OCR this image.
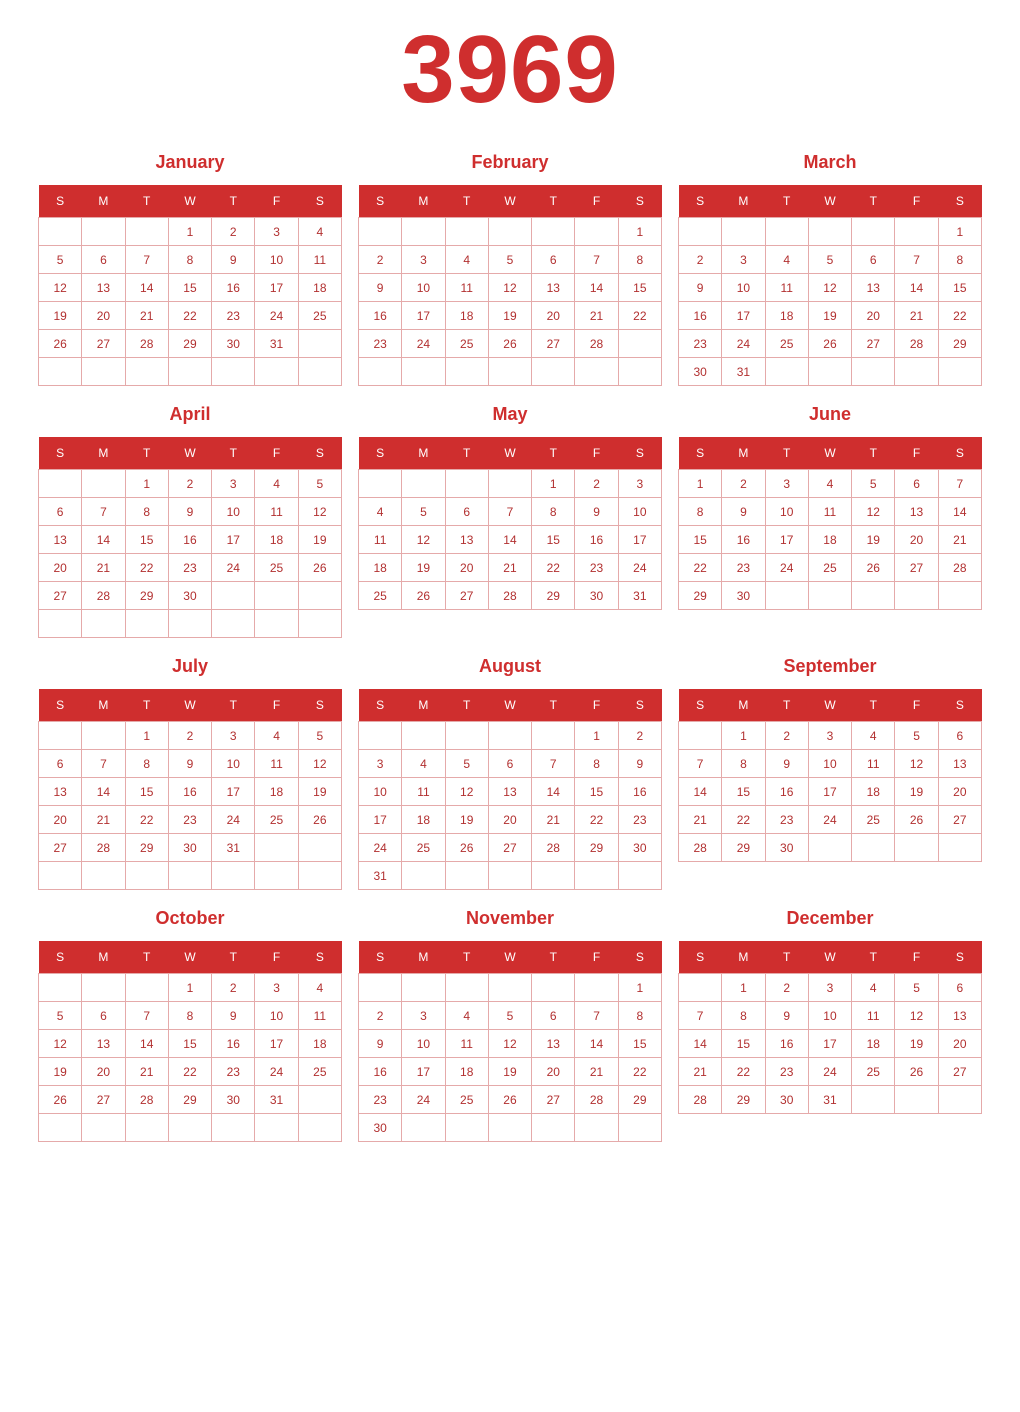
3969
January
S	M	T	W	T	F	S
			1	2	3	4
5	6	7	8	9	10	11
12	13	14	15	16	17	18
19	20	21	22	23	24	25
26	27	28	29	30	31	

February
S	M	T	W	T	F	S
						1
2	3	4	5	6	7	8
9	10	11	12	13	14	15
16	17	18	19	20	21	22
23	24	25	26	27	28	

March
S	M	T	W	T	F	S
						1
2	3	4	5	6	7	8
9	10	11	12	13	14	15
16	17	18	19	20	21	22
23	24	25	26	27	28	29
30	31					
April
S	M	T	W	T	F	S
		1	2	3	4	5
6	7	8	9	10	11	12
13	14	15	16	17	18	19
20	21	22	23	24	25	26
27	28	29	30			

May
S	M	T	W	T	F	S
				1	2	3
4	5	6	7	8	9	10
11	12	13	14	15	16	17
18	19	20	21	22	23	24
25	26	27	28	29	30	31
June
S	M	T	W	T	F	S
1	2	3	4	5	6	7
8	9	10	11	12	13	14
15	16	17	18	19	20	21
22	23	24	25	26	27	28
29	30					
July
S	M	T	W	T	F	S
		1	2	3	4	5
6	7	8	9	10	11	12
13	14	15	16	17	18	19
20	21	22	23	24	25	26
27	28	29	30	31		

August
S	M	T	W	T	F	S
					1	2
3	4	5	6	7	8	9
10	11	12	13	14	15	16
17	18	19	20	21	22	23
24	25	26	27	28	29	30
31						
September
S	M	T	W	T	F	S
	1	2	3	4	5	6
7	8	9	10	11	12	13
14	15	16	17	18	19	20
21	22	23	24	25	26	27
28	29	30				
October
S	M	T	W	T	F	S
			1	2	3	4
5	6	7	8	9	10	11
12	13	14	15	16	17	18
19	20	21	22	23	24	25
26	27	28	29	30	31	

November
S	M	T	W	T	F	S
						1
2	3	4	5	6	7	8
9	10	11	12	13	14	15
16	17	18	19	20	21	22
23	24	25	26	27	28	29
30						
December
S	M	T	W	T	F	S
	1	2	3	4	5	6
7	8	9	10	11	12	13
14	15	16	17	18	19	20
21	22	23	24	25	26	27
28	29	30	31			
